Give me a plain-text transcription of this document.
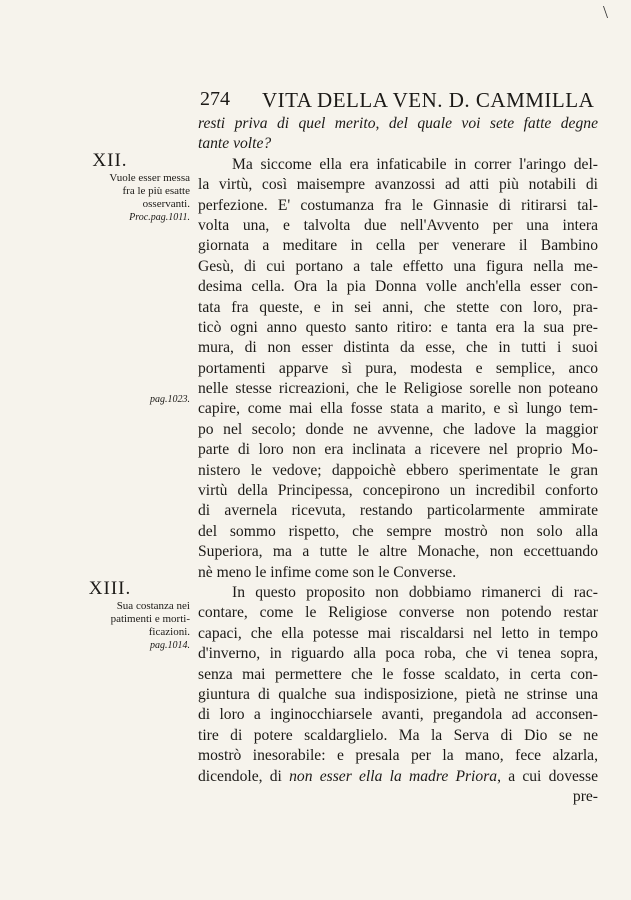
\
274 VITA DELLA VEN. D. CAMMILLA
XII.
Vuole esser messa
fra le più esatte
osservanti.
Proc.pag.1011.
pag.1023.
XIII.
Sua costanza nei
patimenti e morti-
ficazioni.
pag.1014.
resti priva di quel merito, del quale voi sete fatte degne
tante volte?
Ma siccome ella era infaticabile in correr l'aringo del-
la virtù, così maisempre avanzossi ad atti più notabili di
perfezione. E' costumanza fra le Ginnasie di ritirarsi tal-
volta una, e talvolta due nell'Avvento per una intera
giornata a meditare in cella per venerare il Bambino
Gesù, di cui portano a tale effetto una figura nella me-
desima cella. Ora la pia Donna volle anch'ella esser con-
tata fra queste, e in sei anni, che stette con loro, pra-
ticò ogni anno questo santo ritiro: e tanta era la sua pre-
mura, di non esser distinta da esse, che in tutti i suoi
portamenti apparve sì pura, modesta e semplice, anco
nelle stesse ricreazioni, che le Religiose sorelle non poteano
capire, come mai ella fosse stata a marito, e sì lungo tem-
po nel secolo; donde ne avvenne, che ladove la maggior
parte di loro non era inclinata a ricevere nel proprio Mo-
nistero le vedove; dappoichè ebbero sperimentate le gran
virtù della Principessa, concepirono un incredibil conforto
di avernela ricevuta, restando particolarmente ammirate
del sommo rispetto, che sempre mostrò non solo alla
Superiora, ma a tutte le altre Monache, non eccettuando
nè meno le infime come son le Converse.
In questo proposito non dobbiamo rimanerci di rac-
contare, come le Religiose converse non potendo restar
capaci, che ella potesse mai riscaldarsi nel letto in tempo
d'inverno, in riguardo alla poca roba, che vi tenea sopra,
senza mai permettere che le fosse scaldato, in certa con-
giuntura di qualche sua indisposizione, pietà ne strinse una
di loro a inginocchiarsele avanti, pregandola ad acconsen-
tire di potere scaldarglielo. Ma la Serva di Dio se ne
mostrò inesorabile: e presala per la mano, fece alzarla,
dicendole, di non esser ella la madre Priora, a cui dovesse
pre-
